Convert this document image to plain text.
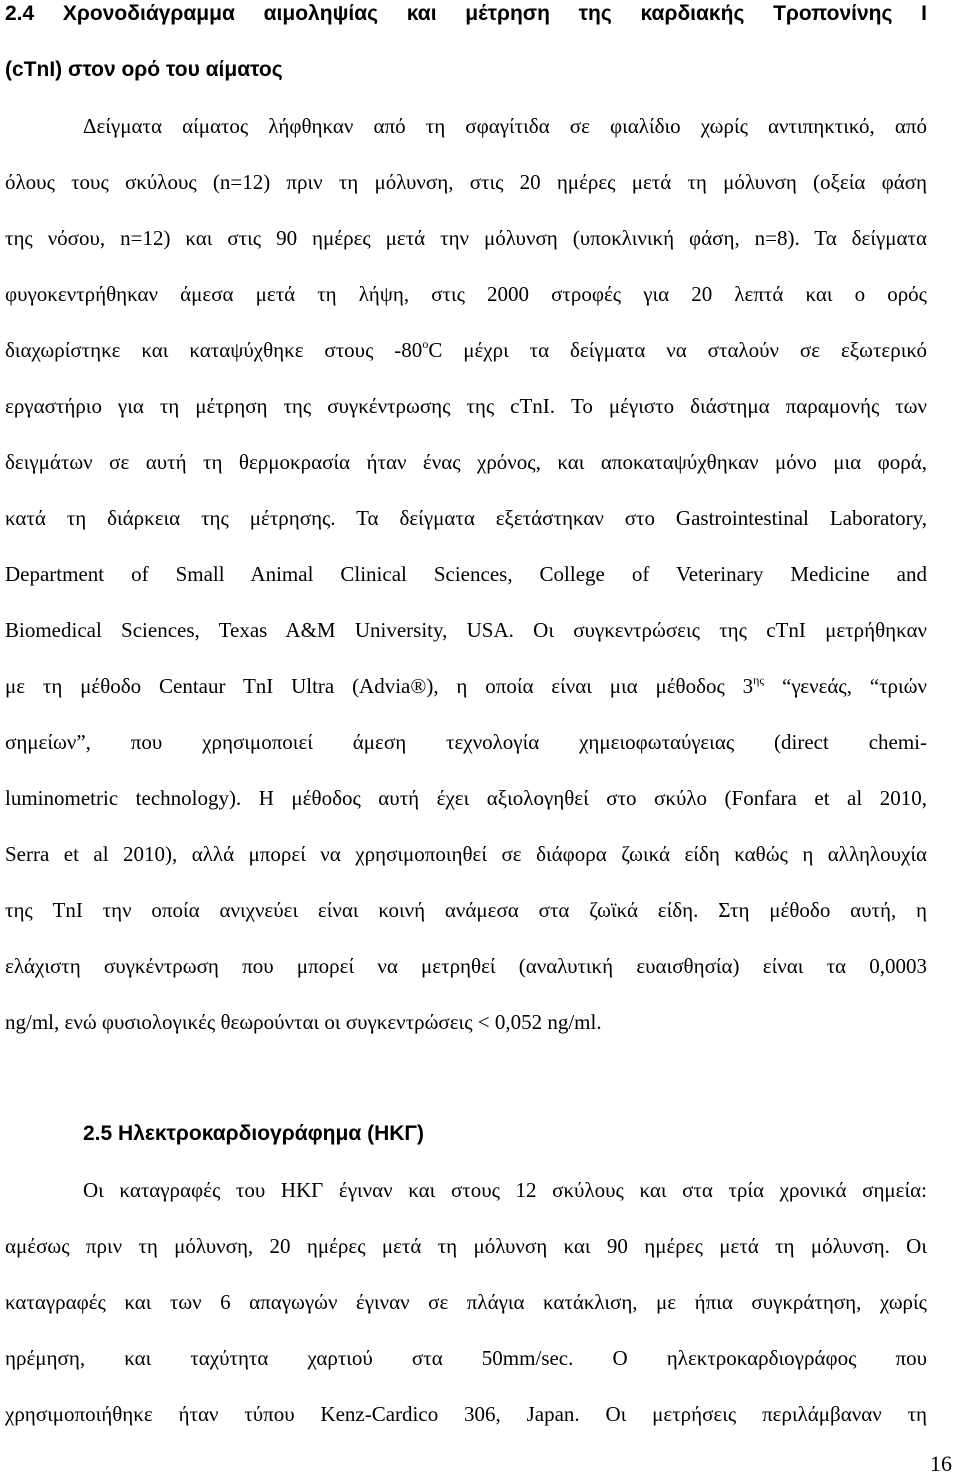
2.4 Χρονοδιάγραμμα αιμοληψίας και μέτρηση της καρδιακής Τροπονίνης Ι
(cTnI) στον ορό του αίματος
Δείγματα αίματος λήφθηκαν από τη σφαγίτιδα σε φιαλίδιο χωρίς αντιπηκτικό, από
όλους τους σκύλους (n=12) πριν τη μόλυνση, στις 20 ημέρες μετά τη μόλυνση (οξεία φάση
της νόσου, n=12) και στις 90 ημέρες μετά την μόλυνση (υποκλινική φάση, n=8). Τα δείγματα
φυγοκεντρήθηκαν άμεσα μετά τη λήψη, στις 2000 στροφές για 20 λεπτά και ο ορός
διαχωρίστηκε και καταψύχθηκε στους -80$^o$C μέχρι τα δείγματα να σταλούν σε εξωτερικό
εργαστήριο για τη μέτρηση της συγκέντρωσης της cTnI. Το μέγιστο διάστημα παραμονής των
δειγμάτων σε αυτή τη θερμοκρασία ήταν ένας χρόνος, και αποκαταψύχθηκαν μόνο μια φορά,
κατά τη διάρκεια της μέτρησης. Τα δείγματα εξετάστηκαν στο Gastrointestinal Laboratory,
Department of Small Animal Clinical Sciences, College of Veterinary Medicine and
Biomedical Sciences, Texas A&M University, USA. Οι συγκεντρώσεις της cTnI μετρήθηκαν
με τη μέθοδο Centaur TnI Ultra (Advia®), η οποία είναι μια μέθοδος $3^{\eta\varsigma}$ “γενεάς, “τριών
σημείων”, που χρησιμοποιεί άμεση τεχνολογία χημειοφωταύγειας (direct chemi-
luminometric technology). Η μέθοδος αυτή έχει αξιολογηθεί στο σκύλο (Fonfara et al 2010,
Serra et al 2010), αλλά μπορεί να χρησιμοποιηθεί σε διάφορα ζωικά είδη καθώς η αλληλουχία
της TnI την οποία ανιχνεύει είναι κοινή ανάμεσα στα ζωϊκά είδη. Στη μέθοδο αυτή, η
ελάχιστη συγκέντρωση που μπορεί να μετρηθεί (αναλυτική ευαισθησία) είναι τα 0,0003
ng/ml, ενώ φυσιολογικές θεωρούνται οι συγκεντρώσεις < 0,052 ng/ml.
2.5 Ηλεκτροκαρδιογράφημα (ΗΚΓ)
Οι καταγραφές του ΗΚΓ έγιναν και στους 12 σκύλους και στα τρία χρονικά σημεία:
αμέσως πριν τη μόλυνση, 20 ημέρες μετά τη μόλυνση και 90 ημέρες μετά τη μόλυνση. Οι
καταγραφές και των 6 απαγωγών έγιναν σε πλάγια κατάκλιση, με ήπια συγκράτηση, χωρίς
ηρέμηση, και ταχύτητα χαρτιού στα 50mm/sec. Ο ηλεκτροκαρδιογράφος που
χρησιμοποιήθηκε ήταν τύπου Kenz-Cardico 306, Japan. Οι μετρήσεις περιλάμβαναν τη
16
